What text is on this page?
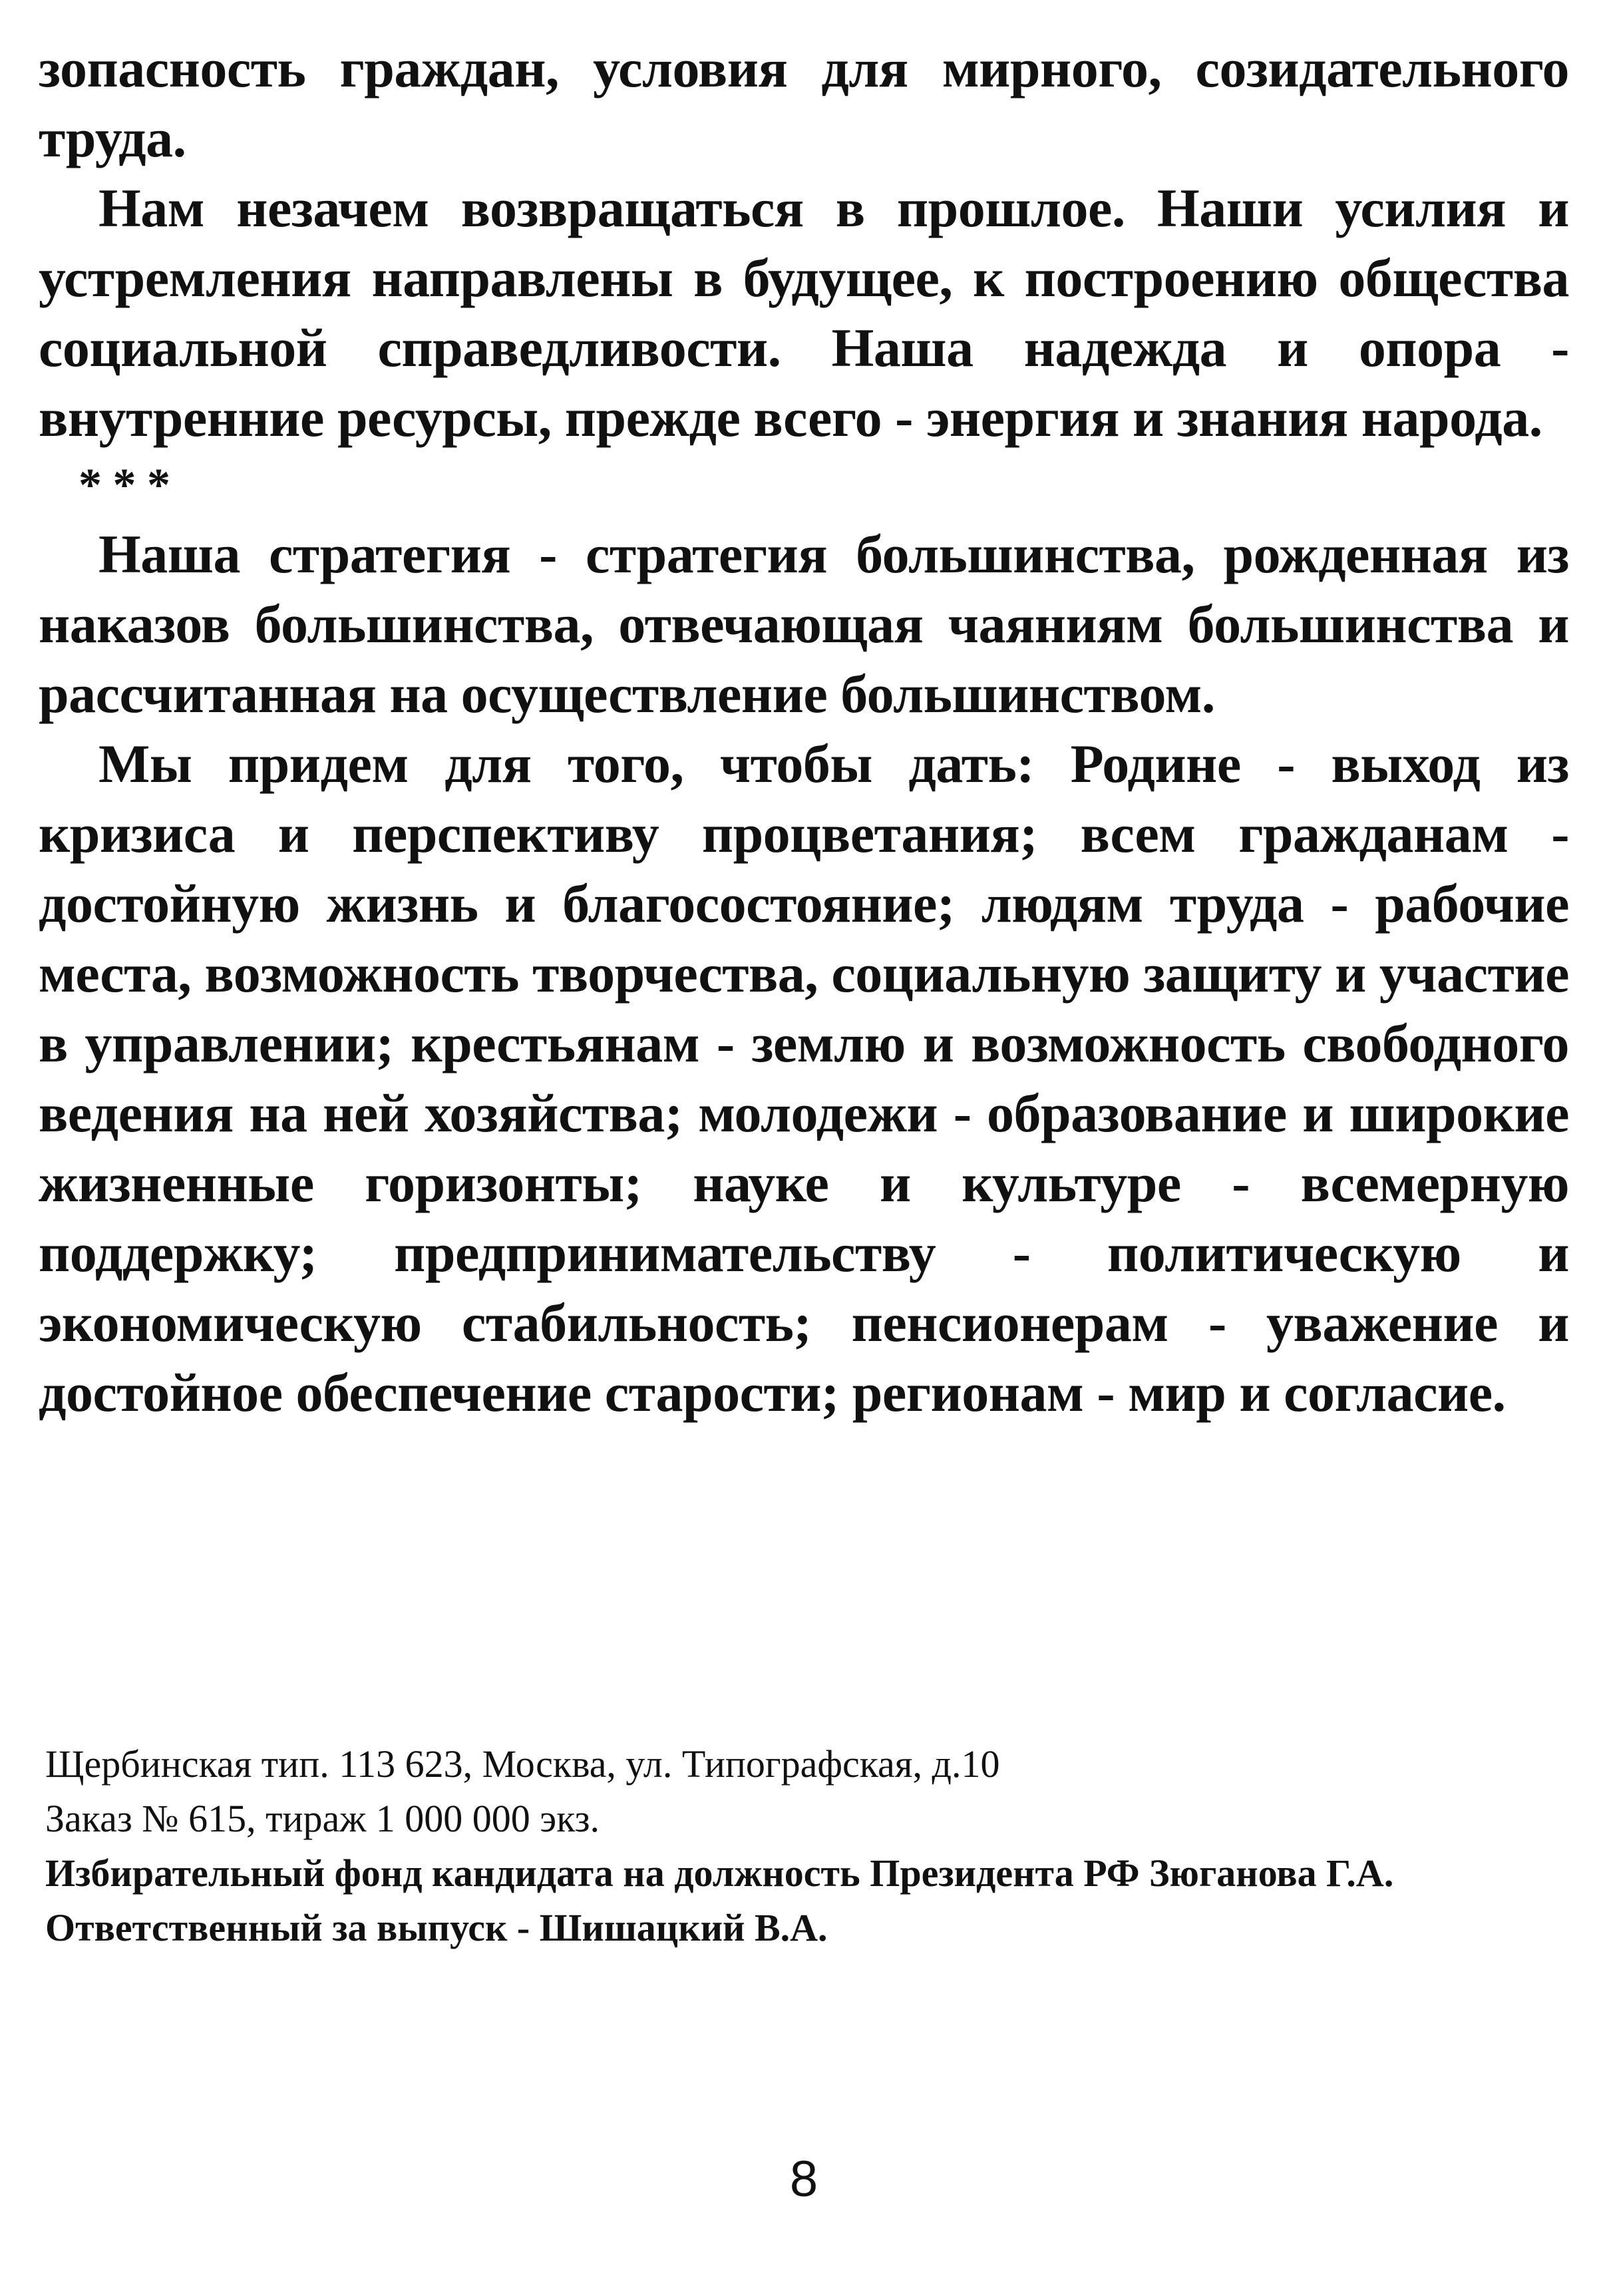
зопасность граждан, условия для мирного, созидательного труда.

Нам незачем возвращаться в прошлое. Наши усилия и устремления направлены в будущее, к построению общества социальной справедливости. Наша надежда и опора - внутренние ресурсы, прежде всего - энергия и знания народа.

* * *

Наша стратегия - стратегия большинства, рожденная из наказов большинства, отвечающая чаяниям большинства и рассчитанная на осуществление большинством.

Мы придем для того, чтобы дать: Родине - выход из кризиса и перспективу процветания; всем гражданам - достойную жизнь и благосостояние; людям труда - рабочие места, возможность творчества, социальную защиту и участие в управлении; крестьянам - землю и возможность свободного ведения на ней хозяйства; молодежи - образование и широкие жизненные горизонты; науке и культуре - всемерную поддержку; предпринимательству - политическую и экономическую стабильность; пенсионерам - уважение и достойное обеспечение старости; регионам - мир и согласие.

Щербинская тип. 113 623, Москва, ул. Типографская, д.10
Заказ № 615, тираж 1 000 000 экз.
Избирательный фонд кандидата на должность Президента РФ Зюганова Г.А.
Ответственный за выпуск - Шишацкий В.А.
8
